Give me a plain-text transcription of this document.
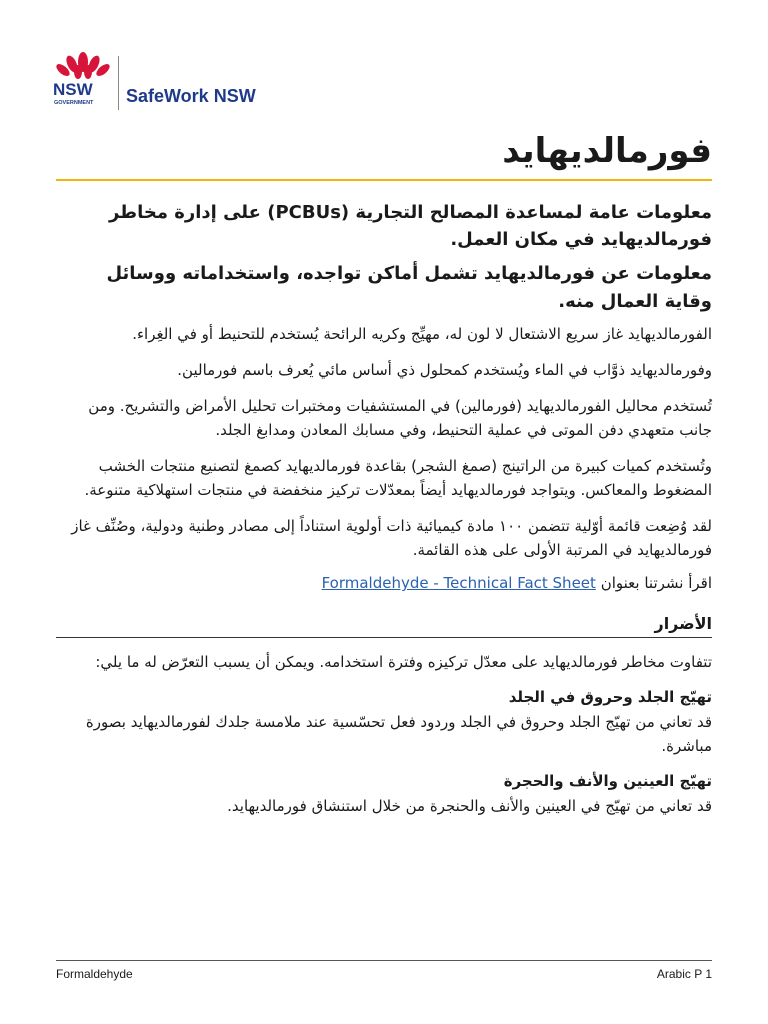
NSW
GOVERNMENT SafeWork NSW
فورمالديهايد

معلومات عامة لمساعدة المصالح التجارية (PCBUs) على إدارة مخاطر فورمالديهايد في مكان العمل.

معلومات عن فورمالديهايد تشمل أماكن تواجده، واستخداماته ووسائل وقاية العمال منه.

الفورمالديهايد غاز سريع الاشتعال لا لون له، مهيِّج وكريه الرائحة يُستخدم للتحنيط أو في الغِراء.

وفورمالديهايد ذوَّاب في الماء ويُستخدم كمحلول ذي أساس مائي يُعرف باسم فورمالين.

تُستخدم محاليل الفورمالديهايد (فورمالين) في المستشفيات ومختبرات تحليل الأمراض والتشريح. ومن جانب متعهدي دفن الموتى في عملية التحنيط، وفي مسابك المعادن ومدابغ الجلد.

وتُستخدم كميات كبيرة من الراتينج (صمغ الشجر) بقاعدة فورمالديهايد كصمغ لتصنيع منتجات الخشب المضغوط والمعاكس. ويتواجد فورمالديهايد أيضاً بمعدّلات تركيز منخفضة في منتجات استهلاكية متنوعة.

لقد وُضِعت قائمة أوّلية تتضمن ١٠٠ مادة كيميائية ذات أولوية استناداً إلى مصادر وطنية ودولية، وصُنِّف غاز فورمالديهايد في المرتبة الأولى على هذه القائمة.

اقرأ نشرتنا بعنوان Formaldehyde - Technical Fact Sheet

الأضرار

تتفاوت مخاطر فورمالديهايد على معدّل تركيزه وفترة استخدامه. ويمكن أن يسبب التعرّض له ما يلي:

تهيّج الجلد وحروق في الجلد

قد تعاني من تهيّج الجلد وحروق في الجلد وردود فعل تحسّسية عند ملامسة جلدك لفورمالديهايد بصورة مباشرة.

تهيّج العينين والأنف والحجرة

قد تعاني من تهيّج في العينين والأنف والحنجرة من خلال استنشاق فورمالديهايد.

Formaldehyde	Arabic P 1
